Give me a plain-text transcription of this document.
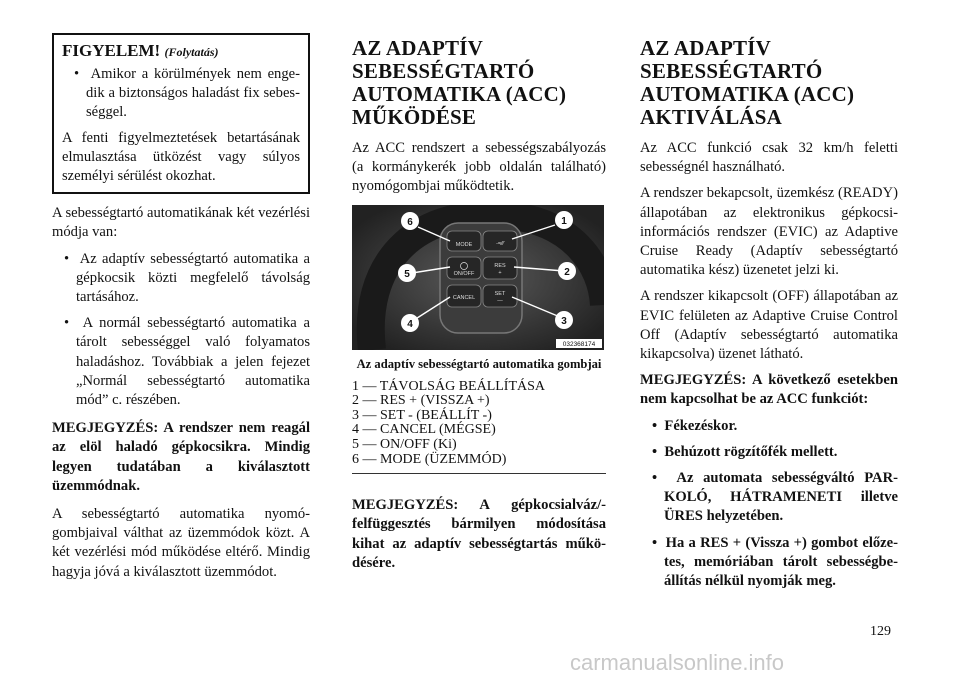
FIGYELEM! (Folytatás)

•  Amikor a körülmények nem engedik a biztonságos haladást fix sebességgel.

A fenti figyelmeztetések betartásának elmulasztása ütközést vagy súlyos személyi sérülést okozhat.

A sebességtartó automatikának két vezérlési módja van:

•  Az adaptív sebességtartó automatika a gépkocsik közti megfelelő távolság tartásához.

•  A normál sebességtartó automatika a tárolt sebességgel való folyamatos haladáshoz. Továbbiak a jelen fejezet „Normál sebességtartó automatika mód” c. részében.

MEGJEGYZÉS: A rendszer nem reagál az elöl haladó gépkocsikra. Mindig legyen tudatában a kiválasztott üzemmódnak.

A sebességtartó automatika nyomógombjaival válthat az üzemmódok közt. A két vezérlési mód működése eltérő. Mindig hagyja jóvá a kiválasztott üzemmódot.

AZ ADAPTÍV SEBESSÉGTARTÓ AUTOMATIKA (ACC) MŰKÖDÉSE

Az ACC rendszert a sebességszabályozás (a kormánykerék jobb oldalán található) nyomógombjai működtetik.

MODE	-=⁄⁄⁄
ON/OFF
RES
+
CANCEL
SET
—
6	1
5	2
4	3
032368174
Az adaptív sebességtartó automatika gombjai
1 — TÁVOLSÁG BEÁLLÍTÁSA
2 — RES + (VISSZA +)
3 — SET - (BEÁLLÍT -)
4 — CANCEL (MÉGSE)
5 — ON/OFF (Ki)
6 — MODE (ÜZEMMÓD)

MEGJEGYZÉS: A gépkocsialváz/-felfüggesztés bármilyen módosítása kihat az adaptív sebességtartás működésére.

AZ ADAPTÍV SEBESSÉGTARTÓ AUTOMATIKA (ACC) AKTIVÁLÁSA

Az ACC funkció csak 32 km/h feletti sebességnél használható.

A rendszer bekapcsolt, üzemkész (READY) állapotában az elektronikus gépkocsi-információs rendszer (EVIC) az Adaptive Cruise Ready (Adaptív sebességtartó automatika kész) üzenetet jelzi ki.

A rendszer kikapcsolt (OFF) állapotában az EVIC felületen az Adaptive Cruise Control Off (Adaptív sebességtartó automatika kikapcsolva) üzenet látható.

MEGJEGYZÉS: A következő esetekben nem kapcsolhat be az ACC funkciót:

•  Fékezéskor.

•  Behúzott rögzítőfék mellett.

•  Az automata sebességváltó PARKOLÓ, HÁTRAMENETI illetve ÜRES helyzetében.

•  Ha a RES + (Vissza +) gombot előzetes, memóriában tárolt sebességbeállítás nélkül nyomják meg.

129
carmanualsonline.info
